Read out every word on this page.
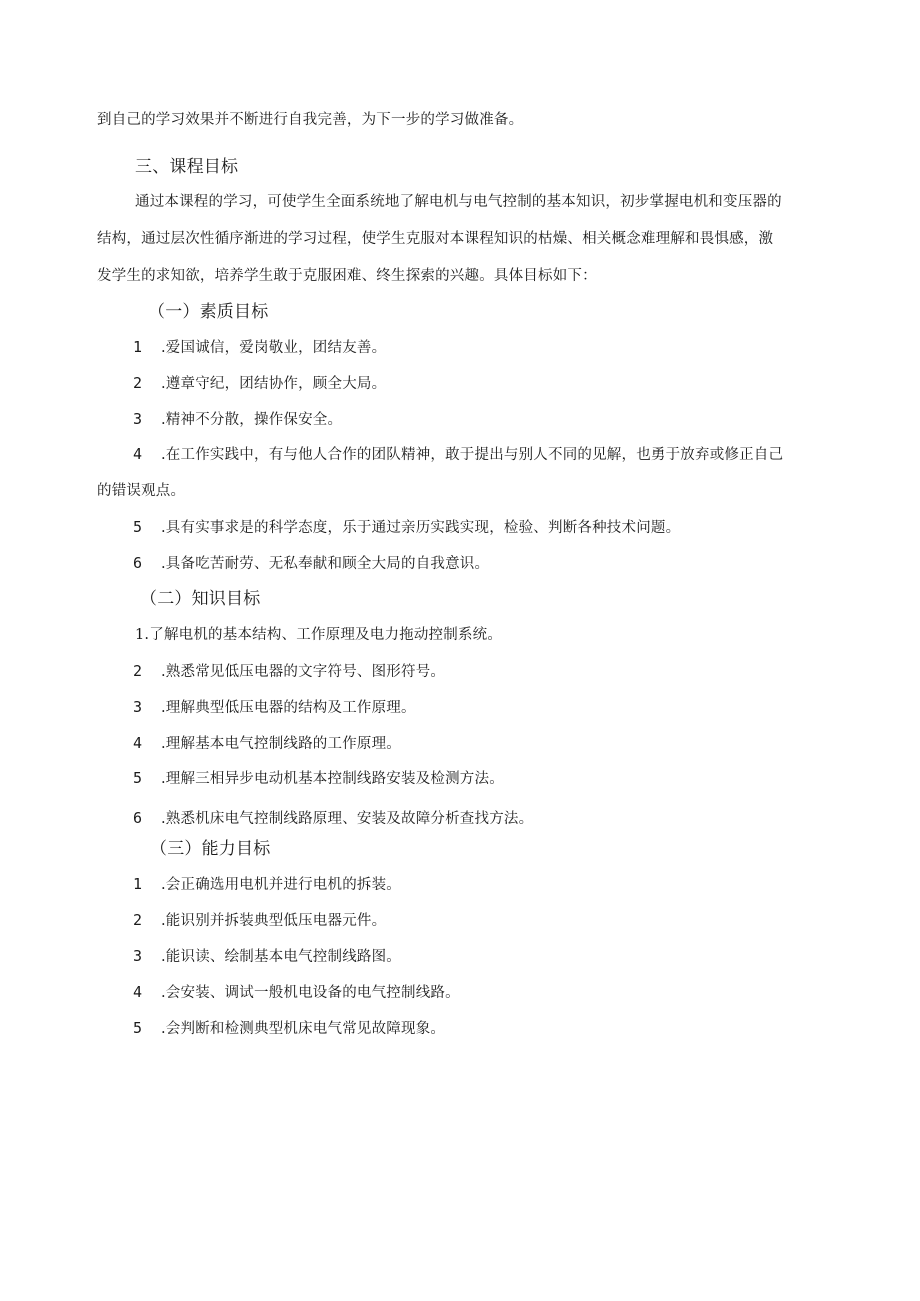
到自己的学习效果并不断进行自我完善，为下一步的学习做准备。
三、课程目标
通过本课程的学习，可使学生全面系统地了解电机与电气控制的基本知识，初步掌握电机和变压器的
结构，通过层次性循序渐进的学习过程，使学生克服对本课程知识的枯燥、相关概念难理解和畏惧感，激
发学生的求知欲，培养学生敢于克服困难、终生探索的兴趣。具体目标如下：
（一）素质目标
1	.爱国诚信，爱岗敬业，团结友善。
2	.遵章守纪，团结协作，顾全大局。
3	.精神不分散，操作保安全。
4	.在工作实践中，有与他人合作的团队精神，敢于提出与别人不同的见解，也勇于放弃或修正自己
的错误观点。
5	.具有实事求是的科学态度，乐于通过亲历实践实现，检验、判断各种技术问题。
6	.具备吃苦耐劳、无私奉献和顾全大局的自我意识。
（二）知识目标
1. 了解电机的基本结构、工作原理及电力拖动控制系统。
2	.熟悉常见低压电器的文字符号、图形符号。
3	.理解典型低压电器的结构及工作原理。
4	.理解基本电气控制线路的工作原理。
5	.理解三相异步电动机基本控制线路安装及检测方法。
6	.熟悉机床电气控制线路原理、安装及故障分析查找方法。
（三）能力目标
1	.会正确选用电机并进行电机的拆装。
2	.能识别并拆装典型低压电器元件。
3	.能识读、绘制基本电气控制线路图。
4	.会安装、调试一般机电设备的电气控制线路。
5	.会判断和检测典型机床电气常见故障现象。
